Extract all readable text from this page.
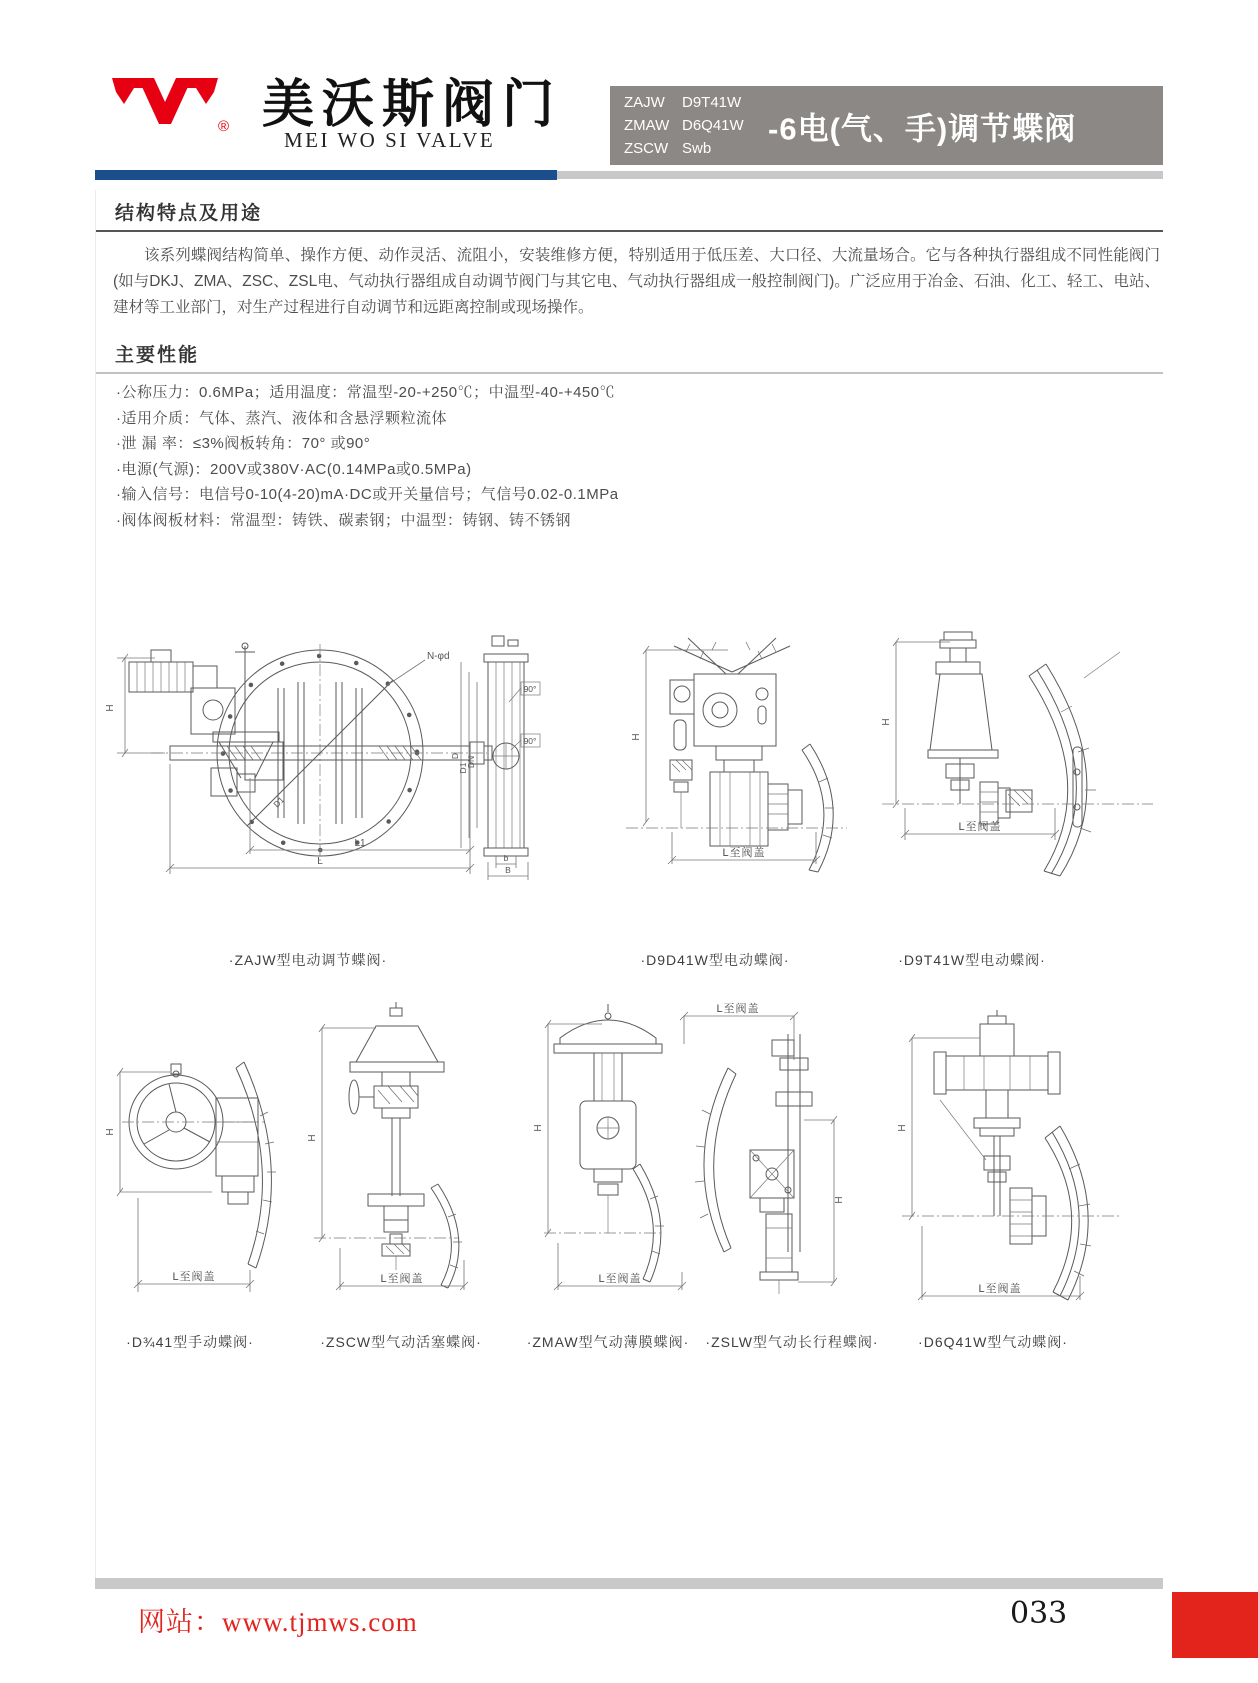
® 美沃斯阀门
MEI WO SI VALVE
ZAJW D9T41W
ZMAW D6Q41W
ZSCW Swb
-6电(气、手)调节蝶阀
结构特点及用途
该系列蝶阀结构简单、操作方便、动作灵活、流阻小，安装维修方便，特别适用于低压差、大口径、大流量场合。它与各种执行器组成不同性能阀门(如与DKJ、ZMA、ZSC、ZSL电、气动执行器组成自动调节阀门与其它电、气动执行器组成一般控制阀门)。广泛应用于冶金、石油、化工、轻工、电站、建材等工业部门，对生产过程进行自动调节和远距离控制或现场操作。
主要性能
·公称压力：0.6MPa；适用温度：常温型-20-+250℃；中温型-40-+450℃
·适用介质：气体、蒸汽、液体和含悬浮颗粒流体
·泄 漏 率：≤3%阀板转角：70° 或90°
·电源(气源)：200V或380V·AC(0.14MPa或0.5MPa)
·输入信号：电信号0-10(4-20)mA·DC或开关量信号；气信号0.02-0.1MPa
·阀体阀板材料：常温型：铸铁、碳素钢；中温型：铸钢、铸不锈钢
H
N-φd
D1
L1
L
90°
90°
D
D1
DN
b
B
H
L至阀盖
H
L至阀盖
·ZAJW型电动调节蝶阀·	·D9D41W型电动蝶阀·	·D9T41W型电动蝶阀·
H
L至阀盖
H
L至阀盖
H
L至阀盖
L至阀盖
H
H
L至阀盖
·D¾41型手动蝶阀·	·ZSCW型气动活塞蝶阀·	·ZMAW型气动薄膜蝶阀· ·ZSLW型气动长行程蝶阀·	·D6Q41W型气动蝶阀·
网站：www.tjmws.com	033
